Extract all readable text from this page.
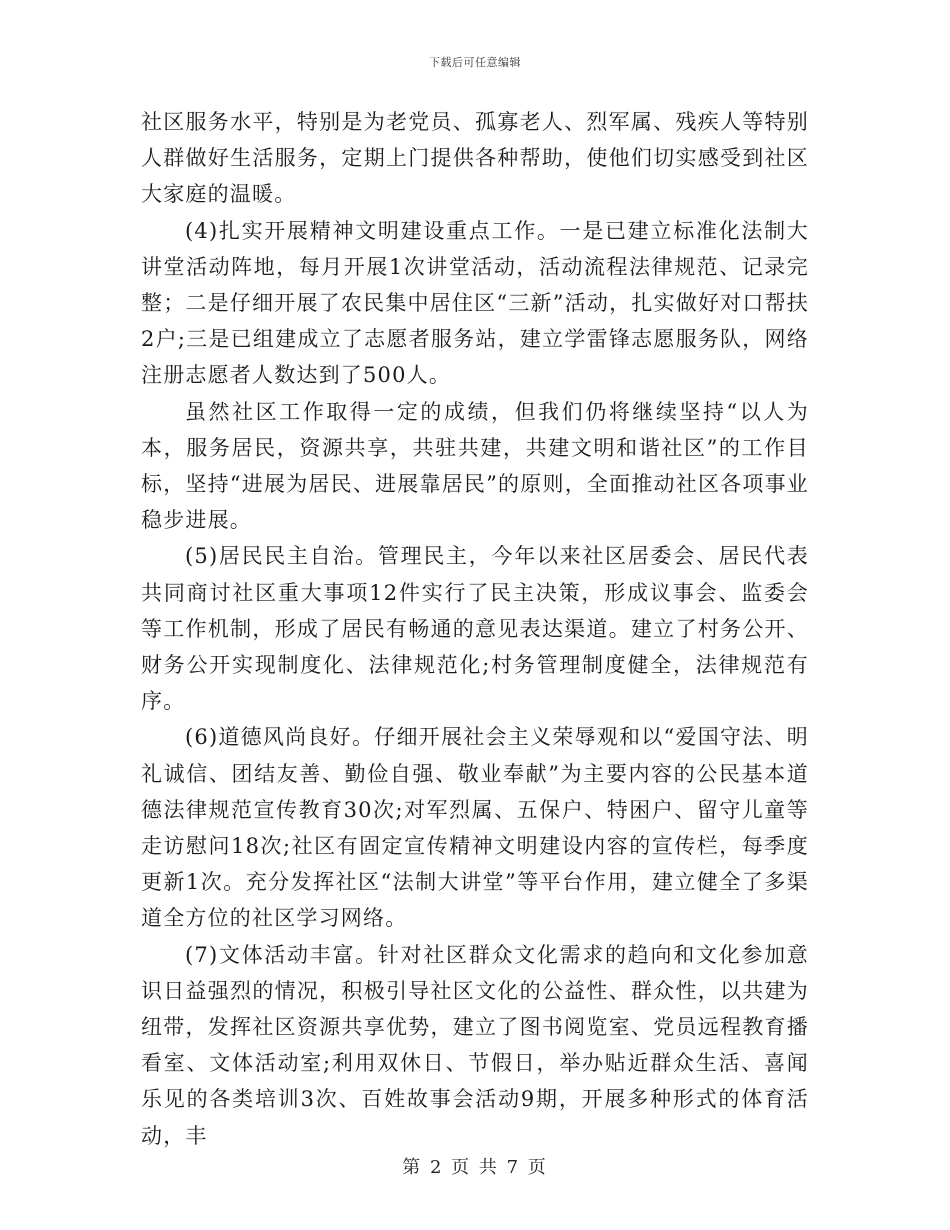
下载后可任意编辑

社区服务水平，特别是为老党员、孤寡老人、烈军属、残疾人等特别人群做好生活服务，定期上门提供各种帮助，使他们切实感受到社区大家庭的温暖。

(4)扎实开展精神文明建设重点工作。一是已建立标准化法制大讲堂活动阵地，每月开展1次讲堂活动，活动流程法律规范、记录完整；二是仔细开展了农民集中居住区“三新”活动，扎实做好对口帮扶2户;三是已组建成立了志愿者服务站，建立学雷锋志愿服务队，网络注册志愿者人数达到了500人。

虽然社区工作取得一定的成绩，但我们仍将继续坚持“以人为本，服务居民，资源共享，共驻共建，共建文明和谐社区”的工作目标，坚持“进展为居民、进展靠居民”的原则，全面推动社区各项事业稳步进展。

(5)居民民主自治。管理民主，今年以来社区居委会、居民代表共同商讨社区重大事项12件实行了民主决策，形成议事会、监委会等工作机制，形成了居民有畅通的意见表达渠道。建立了村务公开、财务公开实现制度化、法律规范化;村务管理制度健全，法律规范有序。

(6)道德风尚良好。仔细开展社会主义荣辱观和以“爱国守法、明礼诚信、团结友善、勤俭自强、敬业奉献”为主要内容的公民基本道德法律规范宣传教育30次;对军烈属、五保户、特困户、留守儿童等走访慰问18次;社区有固定宣传精神文明建设内容的宣传栏，每季度更新1次。充分发挥社区“法制大讲堂”等平台作用，建立健全了多渠道全方位的社区学习网络。

(7)文体活动丰富。针对社区群众文化需求的趋向和文化参加意识日益强烈的情况，积极引导社区文化的公益性、群众性，以共建为纽带，发挥社区资源共享优势，建立了图书阅览室、党员远程教育播看室、文体活动室;利用双休日、节假日，举办贴近群众生活、喜闻乐见的各类培训3次、百姓故事会活动9期，开展多种形式的体育活动，丰

第 2 页 共 7 页
